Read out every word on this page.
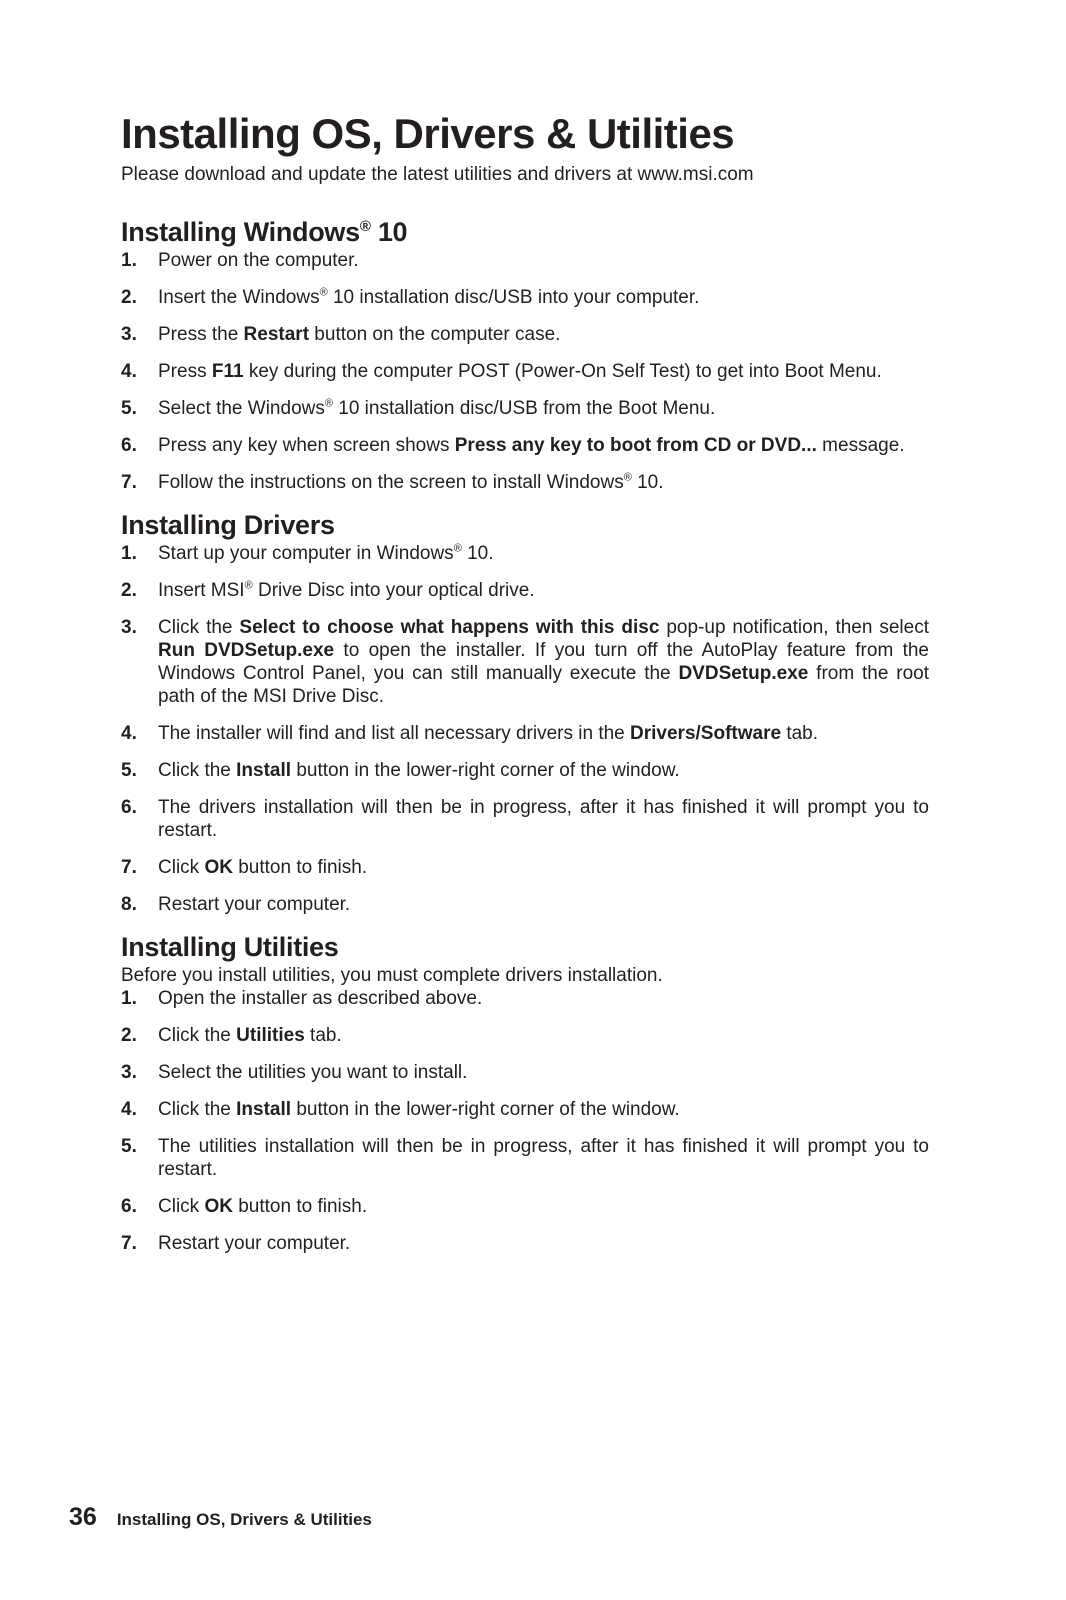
Installing OS, Drivers & Utilities

Please download and update the latest utilities and drivers at www.msi.com

Installing Windows® 10
1.	Power on the computer.
2.	Insert the Windows® 10 installation disc/USB into your computer.
3.	Press the Restart button on the computer case.
4.	Press F11 key during the computer POST (Power-On Self Test) to get into Boot Menu.
5.	Select the Windows® 10 installation disc/USB from the Boot Menu.
6.	Press any key when screen shows Press any key to boot from CD or DVD... message.
7.	Follow the instructions on the screen to install Windows® 10.
Installing Drivers
1.	Start up your computer in Windows® 10.
2.	Insert MSI® Drive Disc into your optical drive.
3.	Click the Select to choose what happens with this disc pop-up notification, then select Run DVDSetup.exe to open the installer. If you turn off the AutoPlay feature from the Windows Control Panel, you can still manually execute the DVDSetup.exe from the root path of the MSI Drive Disc.
4.	The installer will find and list all necessary drivers in the Drivers/Software tab.
5.	Click the Install button in the lower-right corner of the window.
6.	The drivers installation will then be in progress, after it has finished it will prompt you to restart.
7.	Click OK button to finish.
8.	Restart your computer.
Installing Utilities

Before you install utilities, you must complete drivers installation.

1.	Open the installer as described above.
2.	Click the Utilities tab.
3.	Select the utilities you want to install.
4.	Click the Install button in the lower-right corner of the window.
5.	The utilities installation will then be in progress, after it has finished it will prompt you to restart.
6.	Click OK button to finish.
7.	Restart your computer.
36 Installing OS, Drivers & Utilities
